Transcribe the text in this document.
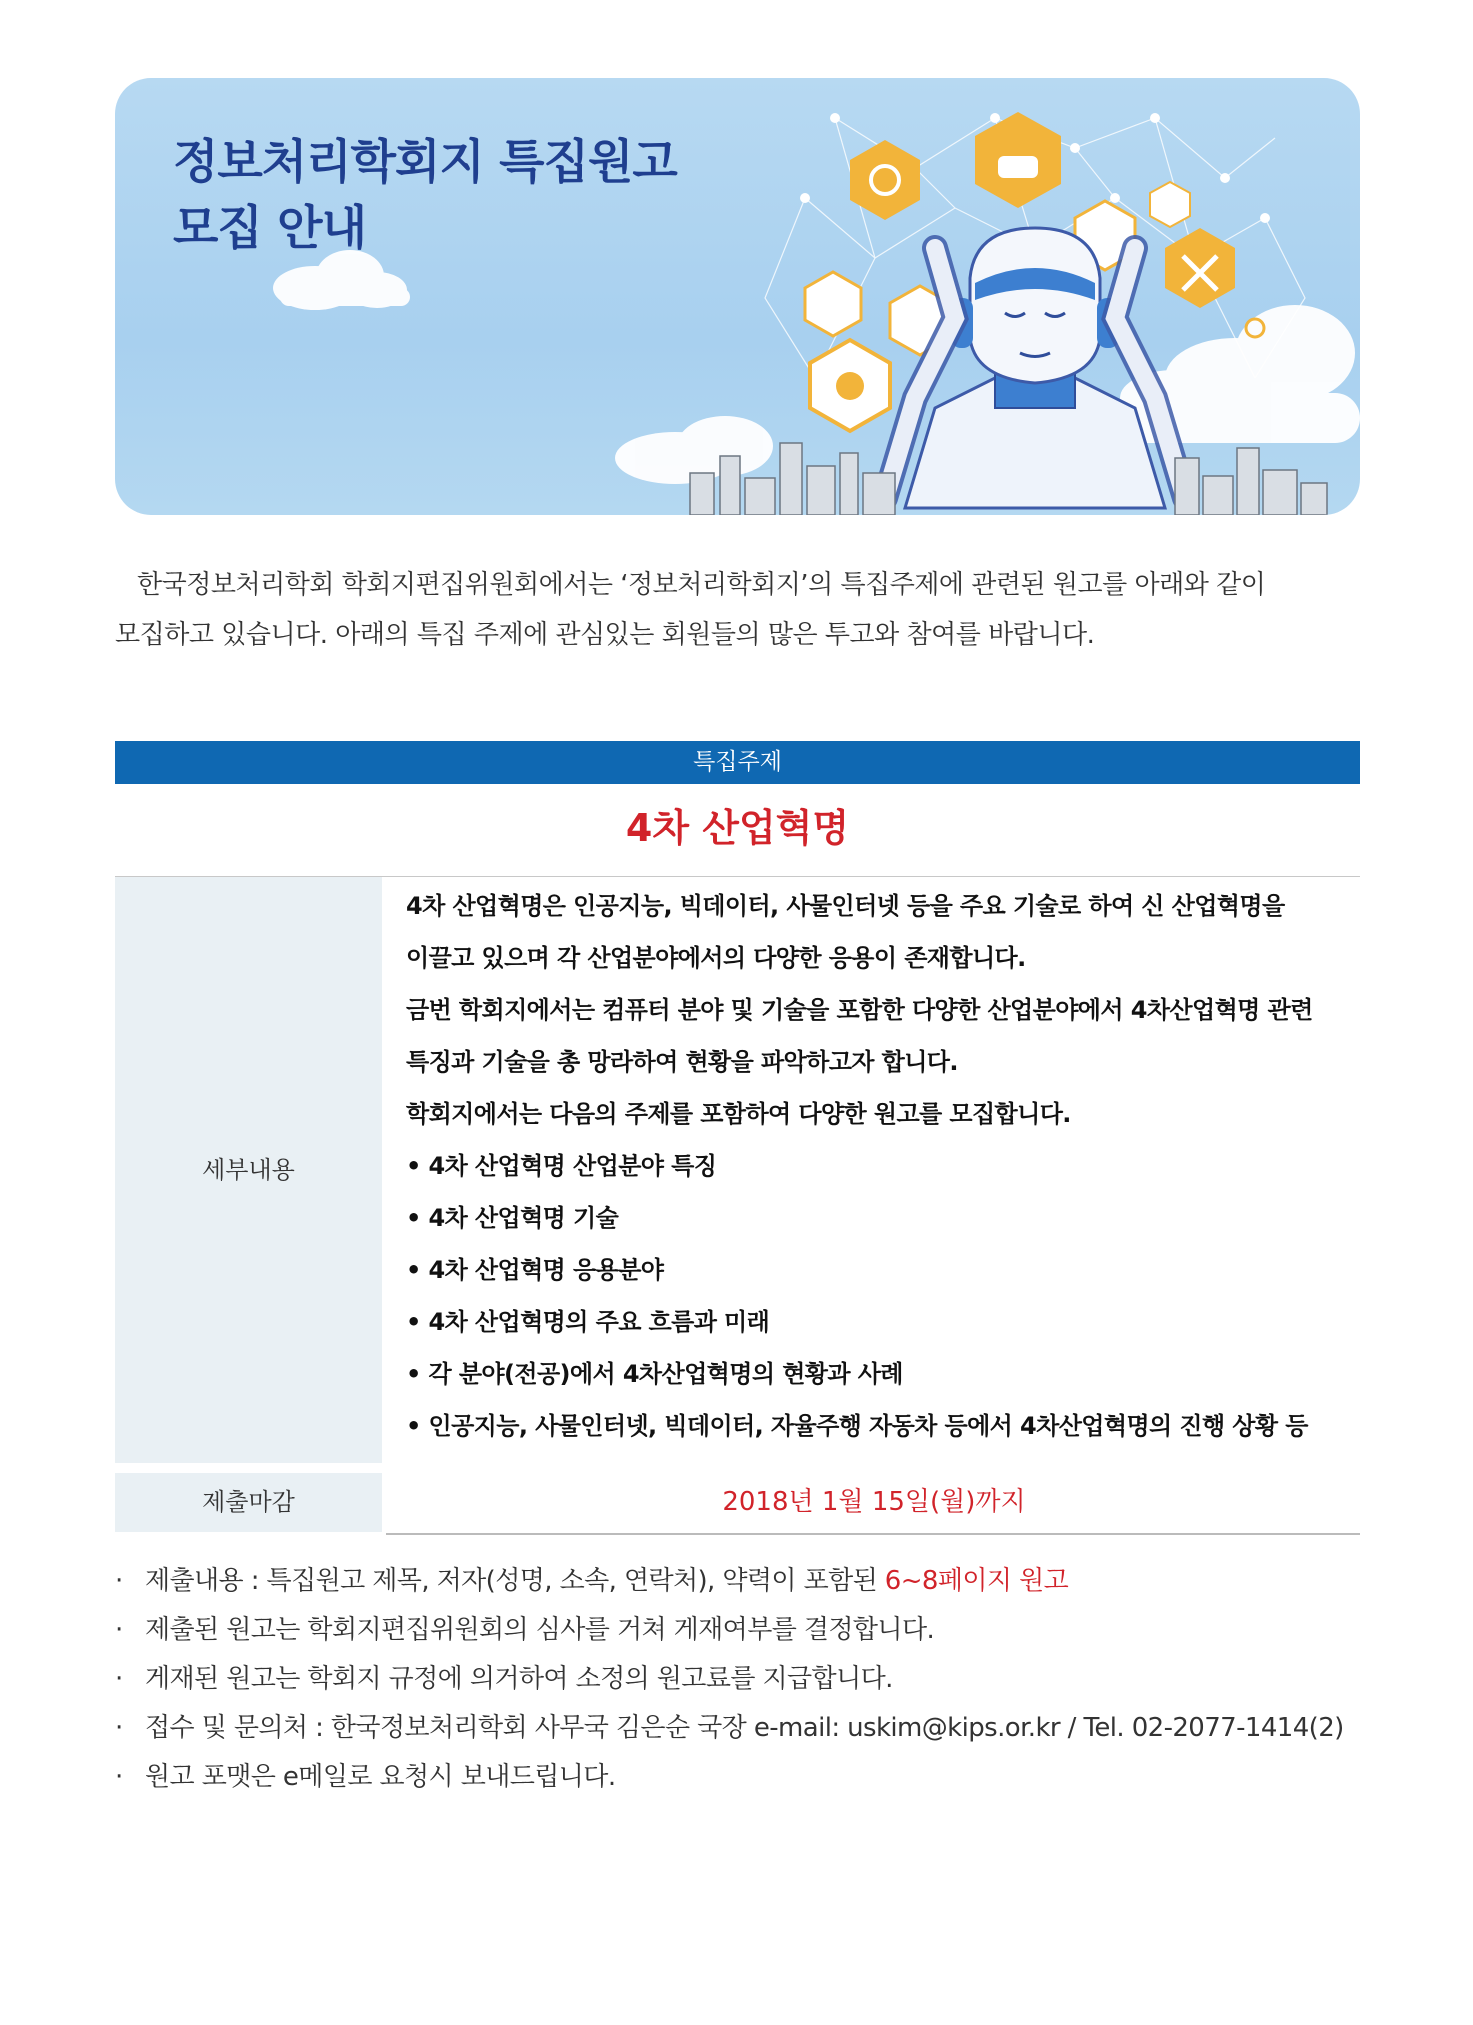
정보처리학회지 특집원고
모집 안내

한국정보처리학회 학회지편집위원회에서는 ‘정보처리학회지’의 특집주제에 관련된 원고를 아래와 같이

모집하고 있습니다. 아래의 특집 주제에 관심있는 회원들의 많은 투고와 참여를 바랍니다.

특집주제
4차 산업혁명
세부내용

4차 산업혁명은 인공지능, 빅데이터, 사물인터넷 등을 주요 기술로 하여 신 산업혁명을

이끌고 있으며 각 산업분야에서의 다양한 응용이 존재합니다.

금번 학회지에서는 컴퓨터 분야 및 기술을 포함한 다양한 산업분야에서 4차산업혁명 관련

특징과 기술을 총 망라하여 현황을 파악하고자 합니다.

학회지에서는 다음의 주제를 포함하여 다양한 원고를 모집합니다.

• 4차 산업혁명 산업분야 특징

• 4차 산업혁명 기술

• 4차 산업혁명 응용분야

• 4차 산업혁명의 주요 흐름과 미래

• 각 분야(전공)에서 4차산업혁명의 현황과 사례

• 인공지능, 사물인터넷, 빅데이터, 자율주행 자동차 등에서 4차산업혁명의 진행 상황 등

제출마감	2018년 1월 15일(월)까지
· 제출내용 : 특집원고 제목, 저자(성명, 소속, 연락처), 약력이 포함된 6~8페이지 원고
· 제출된 원고는 학회지편집위원회의 심사를 거쳐 게재여부를 결정합니다.
· 게재된 원고는 학회지 규정에 의거하여 소정의 원고료를 지급합니다.
· 접수 및 문의처 : 한국정보처리학회 사무국 김은순 국장 e-mail: uskim@kips.or.kr / Tel. 02-2077-1414(2)
· 원고 포맷은 e메일로 요청시 보내드립니다.
